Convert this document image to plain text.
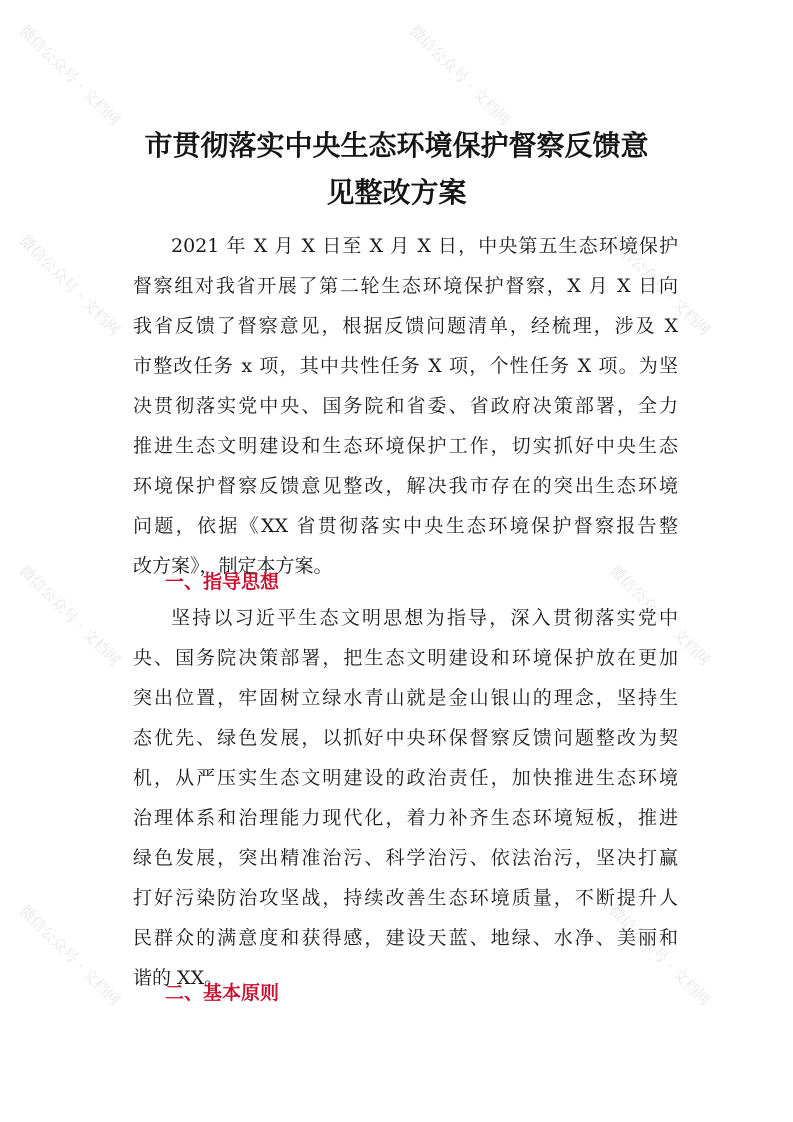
微信公众号 · 文档网	微信公众号 · 文档网
微信公众号 · 文档网	微信公众号 · 文档网
微信公众号 · 文档网	微信公众号 · 文档网
微信公众号 · 文档网	微信公众号 · 文档网
市贯彻落实中央生态环境保护督察反馈意
见整改方案
2021 年 X 月 X 日至 X 月 X 日，中央第五生态环境保护
督察组对我省开展了第二轮生态环境保护督察，X 月 X 日向
我省反馈了督察意见，根据反馈问题清单，经梳理，涉及 X
市整改任务 x 项，其中共性任务 X 项，个性任务 X 项。为坚
决贯彻落实党中央、国务院和省委、省政府决策部署，全力
推进生态文明建设和生态环境保护工作，切实抓好中央生态
环境保护督察反馈意见整改，解决我市存在的突出生态环境
问题，依据《XX 省贯彻落实中央生态环境保护督察报告整
改方案》，制定本方案。
一、指导思想
坚持以习近平生态文明思想为指导，深入贯彻落实党中
央、国务院决策部署，把生态文明建设和环境保护放在更加
突出位置，牢固树立绿水青山就是金山银山的理念，坚持生
态优先、绿色发展，以抓好中央环保督察反馈问题整改为契
机，从严压实生态文明建设的政治责任，加快推进生态环境
治理体系和治理能力现代化，着力补齐生态环境短板，推进
绿色发展，突出精准治污、科学治污、依法治污，坚决打赢
打好污染防治攻坚战，持续改善生态环境质量，不断提升人
民群众的满意度和获得感，建设天蓝、地绿、水净、美丽和
谐的 XX。
二、基本原则
